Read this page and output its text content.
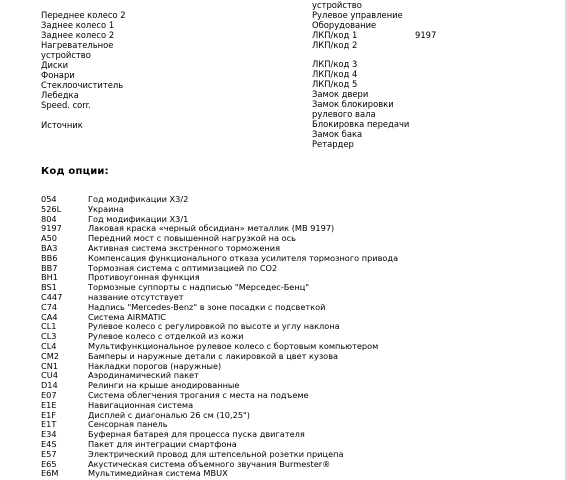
Переднее колесо 2
Заднее колесо 1
Заднее колесо 2
Нагревательное устройство
Диски
Фонари
Стеклоочиститель
Лебедка
Speed. corr.
Источник
устройство
Рулевое управление
Оборудование
ЛКП/код 1	9197
ЛКП/код 2
ЛКП/код 3
ЛКП/код 4
ЛКП/код 5
Замок двери
Замок блокировки рулевого вала
Блокировка передачи
Замок бака
Ретардер
Код опции:
054	Год модификации X3/2
526L	Украина
804	Год модификации X3/1
9197	Лаковая краска «черный обсидиан» металлик (MB 9197)
A50	Передний мост с повышенной нагрузкой на ось
BA3	Активная система экстренного торможения
BB6	Компенсация функционального отказа усилителя тормозного привода
BB7	Тормозная система с оптимизацией по CO2
BH1	Противоугонная функция
BS1	Тормозные суппорты с надписью "Мерседес-Бенц"
C447	название отсутствует
C74	Надпись "Mercedes-Benz" в зоне посадки с подсветкой
CA4	Система AIRMATIC
CL1	Рулевое колесо с регулировкой по высоте и углу наклона
CL3	Рулевое колесо с отделкой из кожи
CL4	Мультифункциональное рулевое колесо с бортовым компьютером
CM2	Бамперы и наружные детали с лакировкой в цвет кузова
CN1	Накладки порогов (наружные)
CU4	Аэродинамический пакет
D14	Релинги на крыше анодированные
E07	Система облегчения трогания с места на подъеме
E1E	Навигационная система
E1F	Дисплей с диагональю 26 см (10,25")
E1T	Сенсорная панель
E34	Буферная батарея для процесса пуска двигателя
E4S	Пакет для интеграции смартфона
E57	Электрический провод для штепсельной розетки прицепа
E65	Акустическая система объемного звучания Burmester®
E6M	Мультимедийная система MBUX
